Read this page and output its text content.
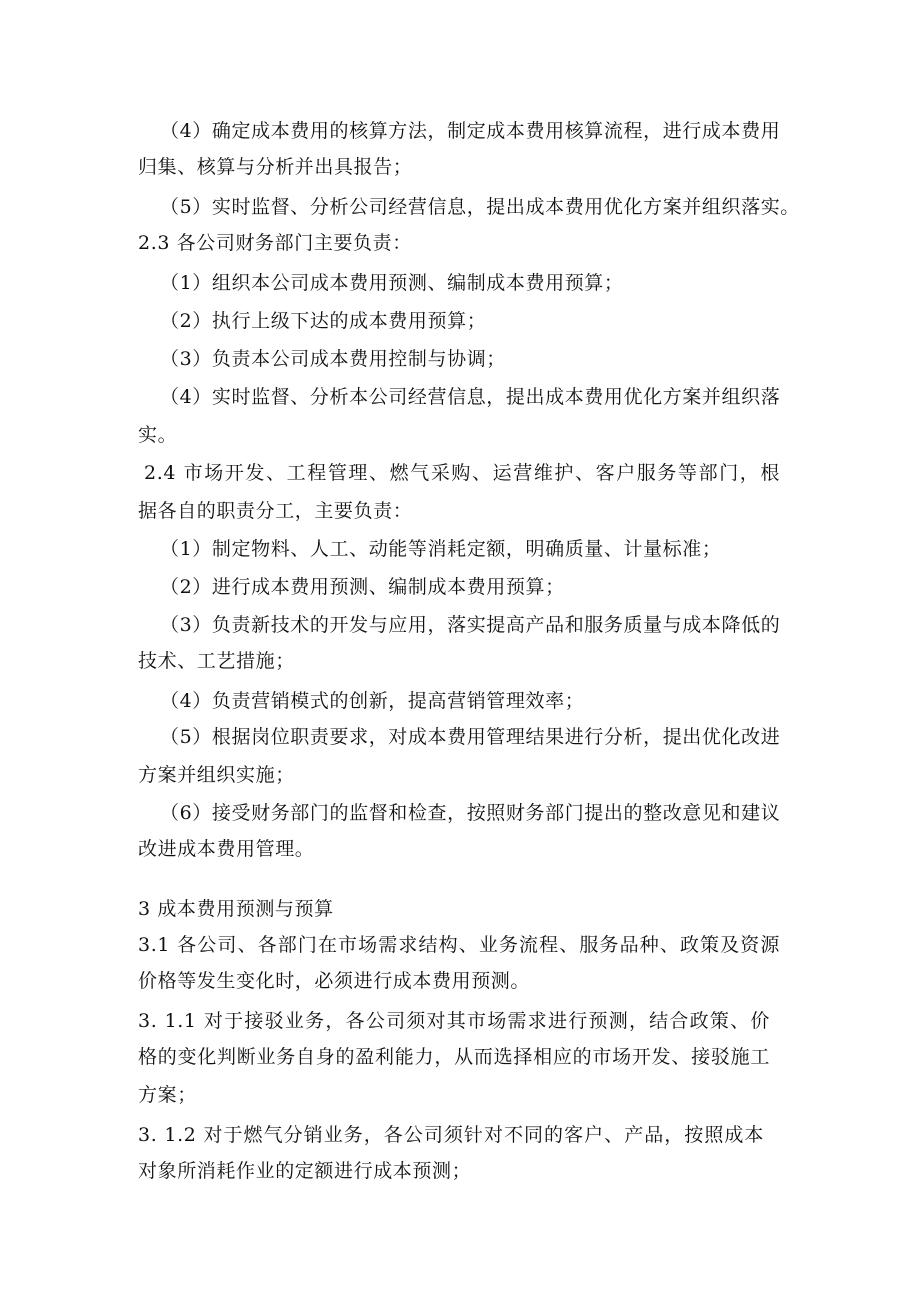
（4）确定成本费用的核算方法，制定成本费用核算流程，进行成本费用
归集、核算与分析并出具报告；
（5）实时监督、分析公司经营信息，提出成本费用优化方案并组织落实。
2.3 各公司财务部门主要负责：
（1）组织本公司成本费用预测、编制成本费用预算；
（2）执行上级下达的成本费用预算；
（3）负责本公司成本费用控制与协调；
（4）实时监督、分析本公司经营信息，提出成本费用优化方案并组织落
实。
2.4 市场开发、工程管理、燃气采购、运营维护、客户服务等部门，根
据各自的职责分工，主要负责：
（1）制定物料、人工、动能等消耗定额，明确质量、计量标准；
（2）进行成本费用预测、编制成本费用预算；
（3）负责新技术的开发与应用，落实提高产品和服务质量与成本降低的
技术、工艺措施；
（4）负责营销模式的创新，提高营销管理效率；
（5）根据岗位职责要求，对成本费用管理结果进行分析，提出优化改进
方案并组织实施；
（6）接受财务部门的监督和检查，按照财务部门提出的整改意见和建议
改进成本费用管理。
3 成本费用预测与预算
3.1 各公司、各部门在市场需求结构、业务流程、服务品种、政策及资源
价格等发生变化时，必须进行成本费用预测。
3. 1.1 对于接驳业务，各公司须对其市场需求进行预测，结合政策、价
格的变化判断业务自身的盈利能力，从而选择相应的市场开发、接驳施工
方案；
3. 1.2 对于燃气分销业务，各公司须针对不同的客户、产品，按照成本
对象所消耗作业的定额进行成本预测；
